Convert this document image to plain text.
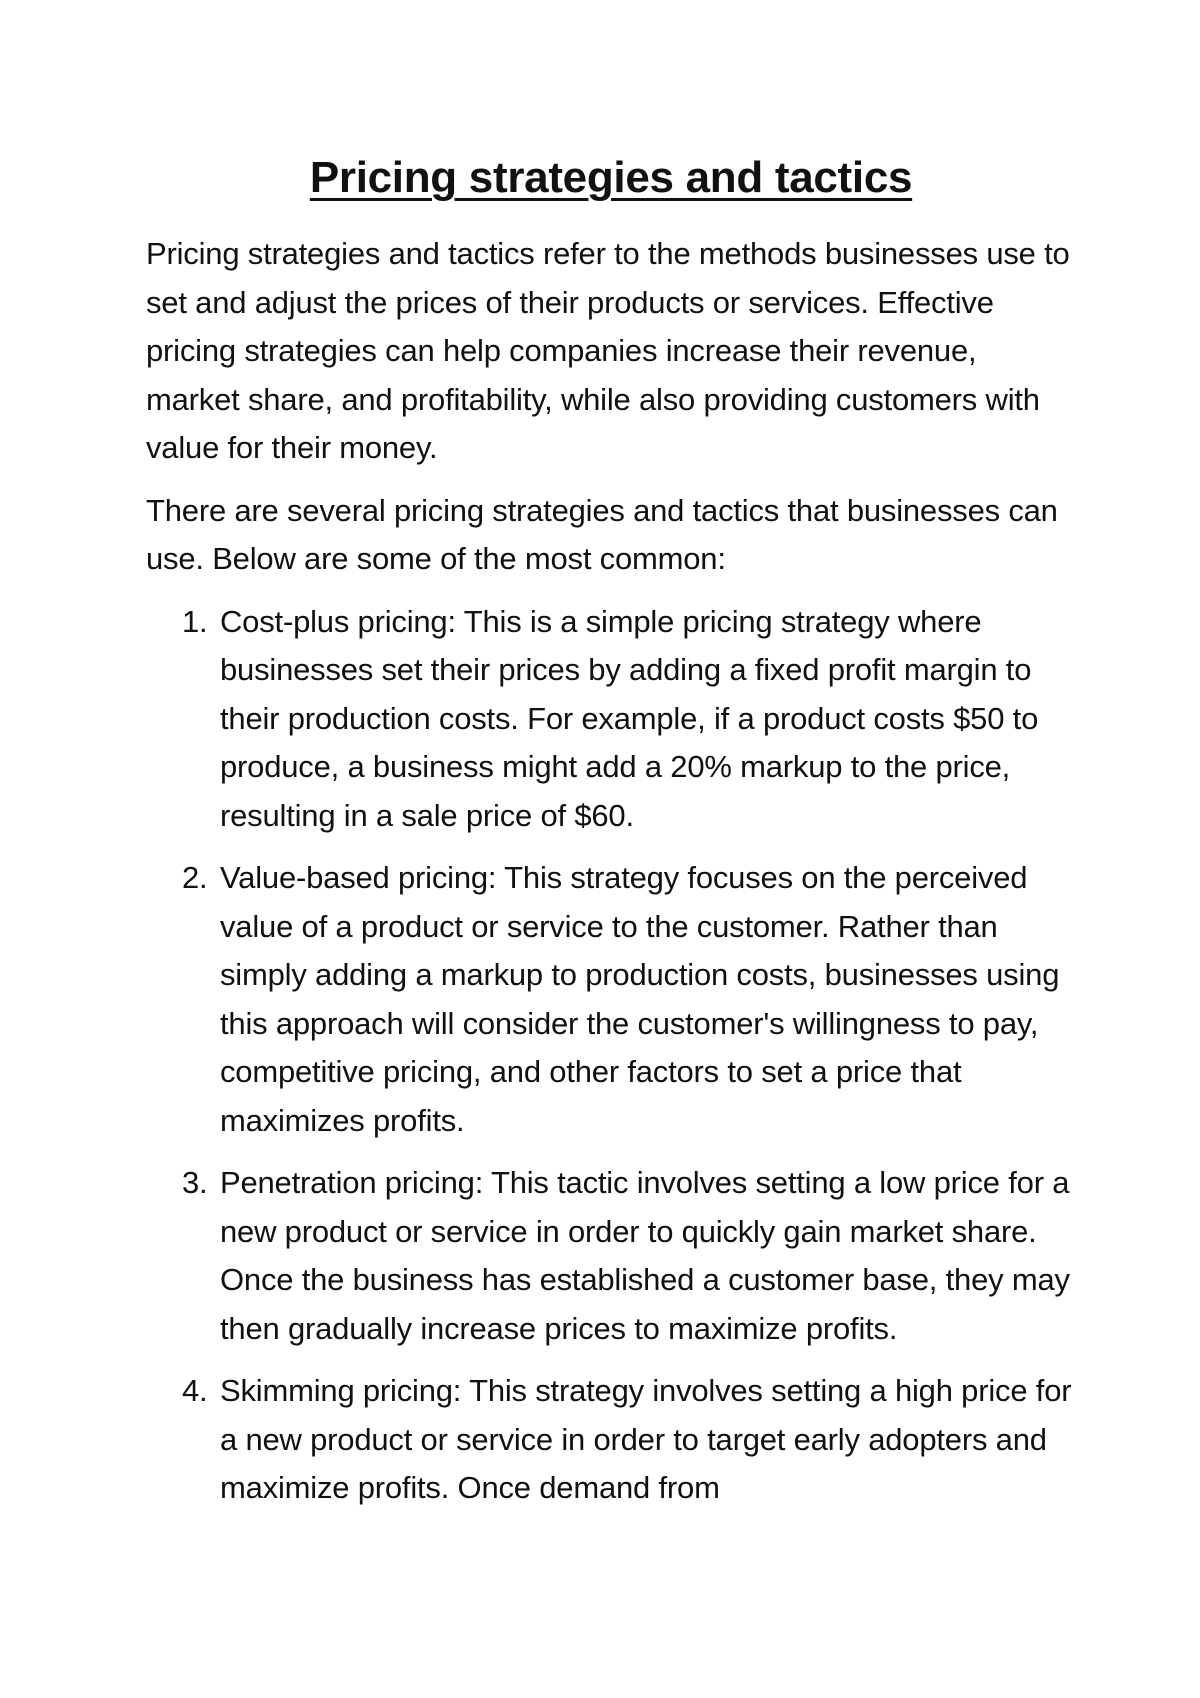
Pricing strategies and tactics

Pricing strategies and tactics refer to the methods businesses use to set and adjust the prices of their products or services. Effective pricing strategies can help companies increase their revenue, market share, and profitability, while also providing customers with value for their money.

There are several pricing strategies and tactics that businesses can use. Below are some of the most common:

1. Cost-plus pricing: This is a simple pricing strategy where businesses set their prices by adding a fixed profit margin to their production costs. For example, if a product costs $50 to produce, a business might add a 20% markup to the price, resulting in a sale price of $60.
2. Value-based pricing: This strategy focuses on the perceived value of a product or service to the customer. Rather than simply adding a markup to production costs, businesses using this approach will consider the customer's willingness to pay, competitive pricing, and other factors to set a price that maximizes profits.
3. Penetration pricing: This tactic involves setting a low price for a new product or service in order to quickly gain market share. Once the business has established a customer base, they may then gradually increase prices to maximize profits.
4. Skimming pricing: This strategy involves setting a high price for a new product or service in order to target early adopters and maximize profits. Once demand from
